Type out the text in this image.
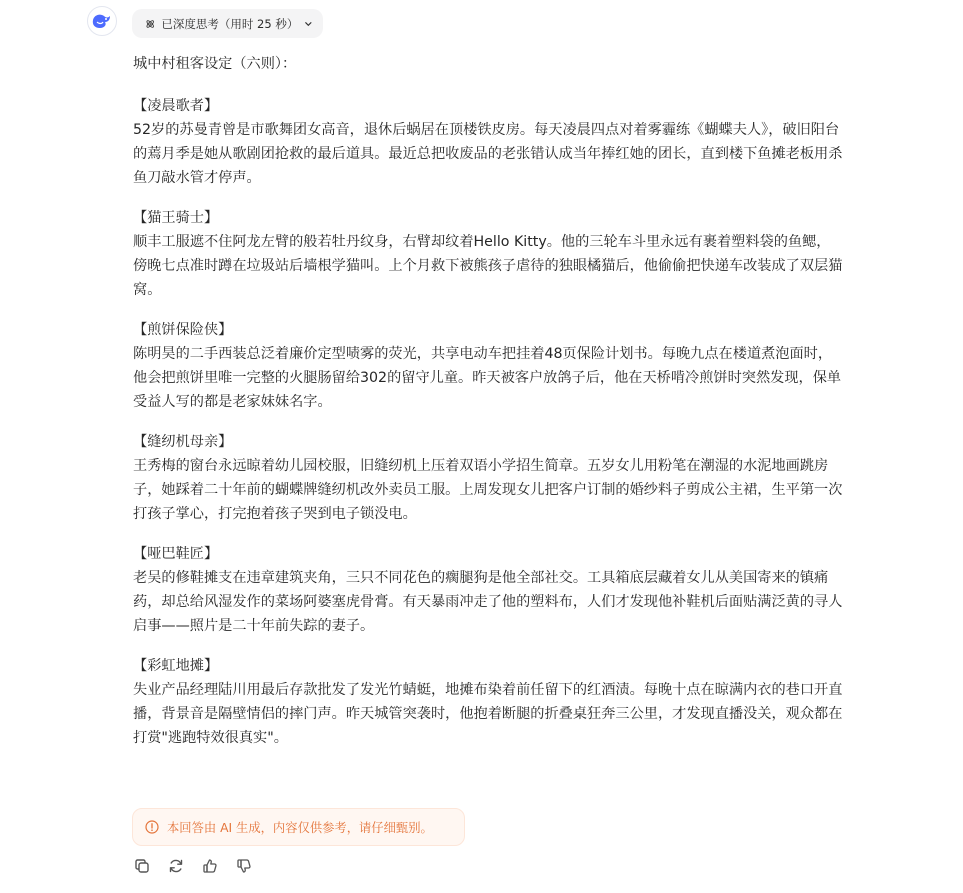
已深度思考（用时 25 秒）

城中村租客设定（六则）：

【凌晨歌者】

52岁的苏曼青曾是市歌舞团女高音，退休后蜗居在顶楼铁皮房。每天凌晨四点对着雾霾练《蝴蝶夫人》，破旧阳台的蔫月季是她从歌剧团抢救的最后道具。最近总把收废品的老张错认成当年捧红她的团长，直到楼下鱼摊老板用杀鱼刀敲水管才停声。

【猫王骑士】

顺丰工服遮不住阿龙左臂的般若牡丹纹身，右臂却纹着Hello Kitty。他的三轮车斗里永远有裹着塑料袋的鱼鳃，傍晚七点准时蹲在垃圾站后墙根学猫叫。上个月救下被熊孩子虐待的独眼橘猫后，他偷偷把快递车改装成了双层猫窝。

【煎饼保险侠】

陈明昊的二手西装总泛着廉价定型啧雾的荧光，共享电动车把挂着48页保险计划书。每晚九点在楼道煮泡面时，他会把煎饼里唯一完整的火腿肠留给302的留守儿童。昨天被客户放鸽子后，他在天桥啃冷煎饼时突然发现，保单受益人写的都是老家妹妹名字。

【缝纫机母亲】

王秀梅的窗台永远晾着幼儿园校服，旧缝纫机上压着双语小学招生简章。五岁女儿用粉笔在潮湿的水泥地画跳房子，她踩着二十年前的蝴蝶牌缝纫机改外卖员工服。上周发现女儿把客户订制的婚纱料子剪成公主裙，生平第一次打孩子掌心，打完抱着孩子哭到电子锁没电。

【哑巴鞋匠】

老吴的修鞋摊支在违章建筑夹角，三只不同花色的瘸腿狗是他全部社交。工具箱底层藏着女儿从美国寄来的镇痛药，却总给风湿发作的菜场阿婆塞虎骨膏。有天暴雨冲走了他的塑料布，人们才发现他补鞋机后面贴满泛黄的寻人启事——照片是二十年前失踪的妻子。

【彩虹地摊】

失业产品经理陆川用最后存款批发了发光竹蜻蜓，地摊布染着前任留下的红酒渍。每晚十点在晾满内衣的巷口开直播，背景音是隔壁情侣的摔门声。昨天城管突袭时，他抱着断腿的折叠桌狂奔三公里，才发现直播没关，观众都在打赏"逃跑特效很真实"。

本回答由 AI 生成，内容仅供参考，请仔细甄别。
